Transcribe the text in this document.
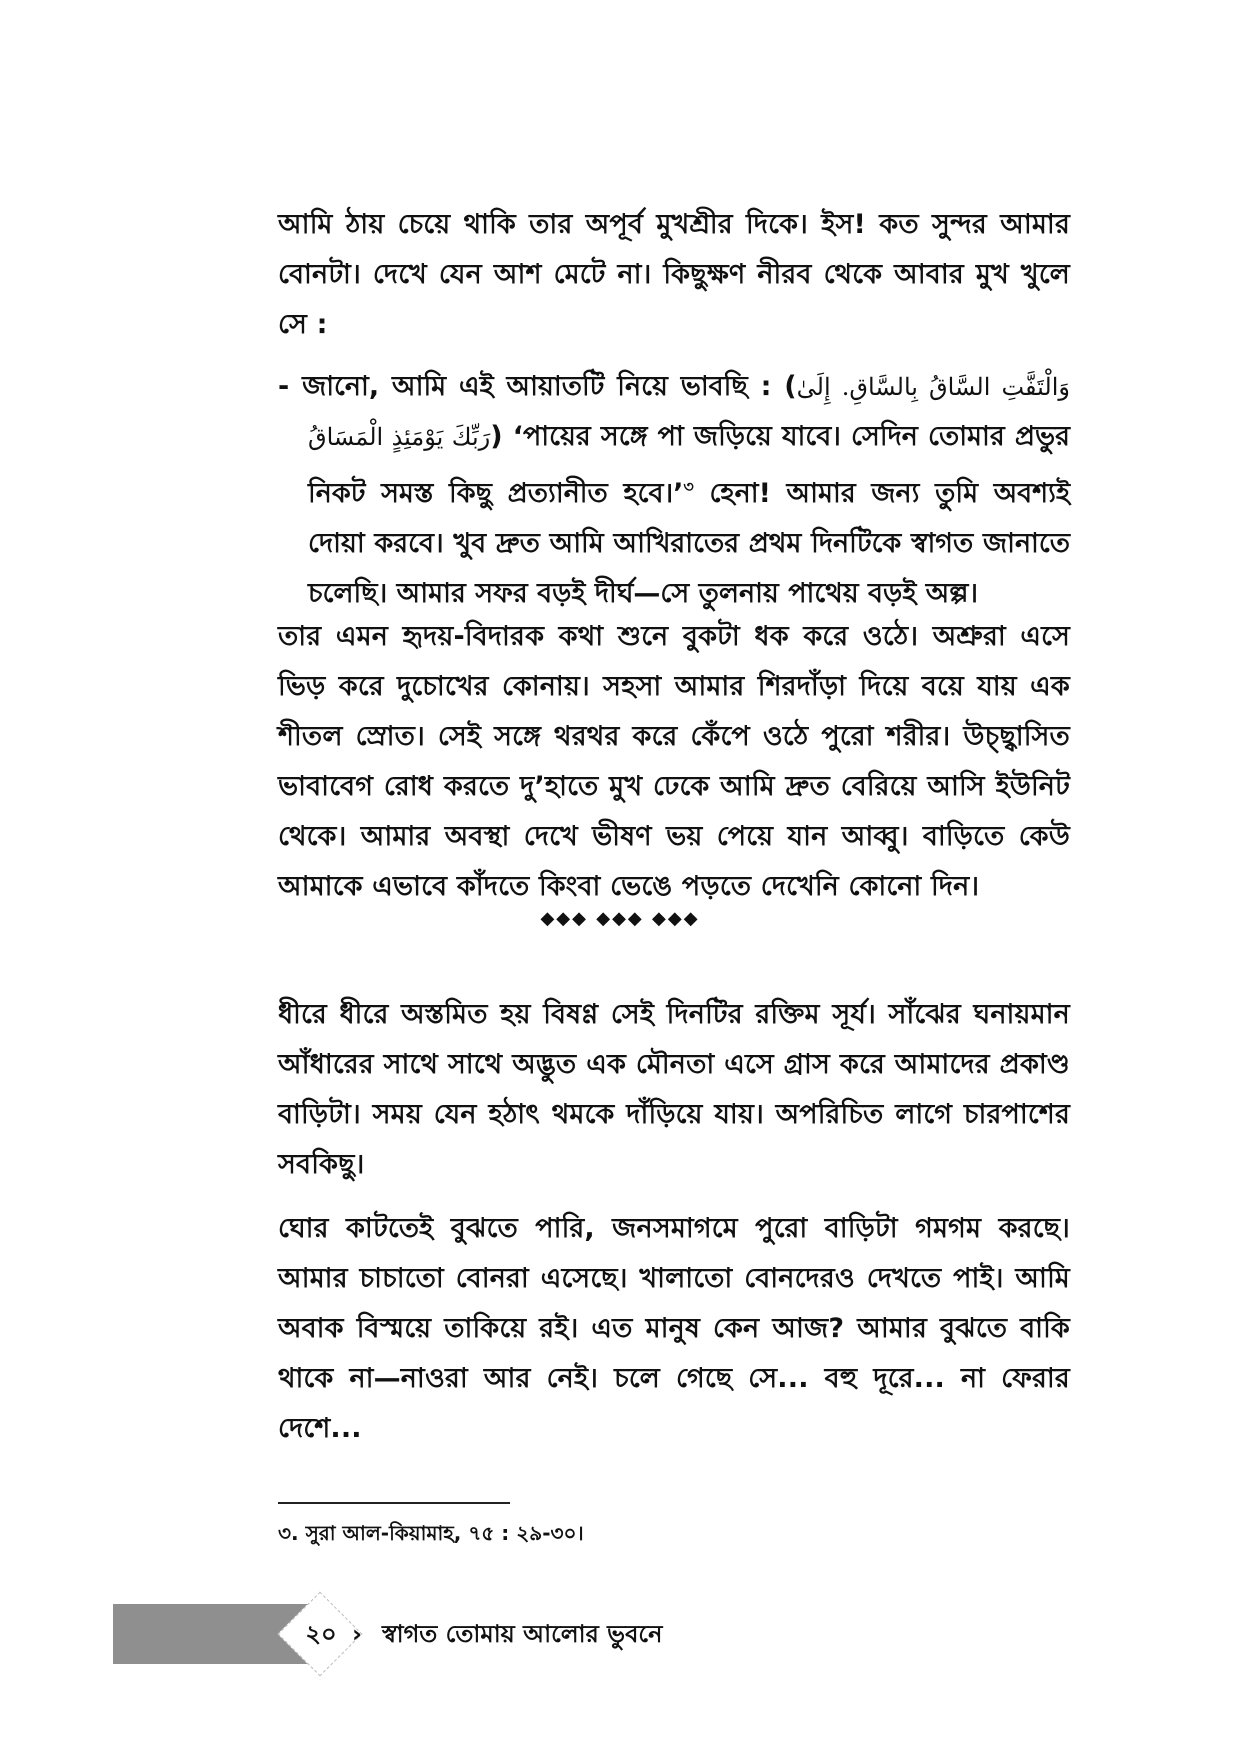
আমি ঠায় চেয়ে থাকি তার অপূর্ব মুখশ্রীর দিকে। ইস! কত সুন্দর আমার বোনটা। দেখে যেন আশ মেটে না। কিছুক্ষণ নীরব থেকে আবার মুখ খুলে সে :
- জানো, আমি এই আয়াতটি নিয়ে ভাবছি : (وَالْتَفَّتِ السَّاقُ بِالسَّاقِ. إِلَىٰ رَبِّكَ يَوْمَئِذٍ الْمَسَاقُ) ‘পায়ের সঙ্গে পা জড়িয়ে যাবে। সেদিন তোমার প্রভুর নিকট সমস্ত কিছু প্রত্যানীত হবে।’$^৩$ হেনা! আমার জন্য তুমি অবশ্যই দোয়া করবে। খুব দ্রুত আমি আখিরাতের প্রথম দিনটিকে স্বাগত জানাতে চলেছি। আমার সফর বড়ই দীর্ঘ—সে তুলনায় পাথেয় বড়ই অল্প।
তার এমন হৃদয়-বিদারক কথা শুনে বুকটা ধক করে ওঠে। অশ্রুরা এসে ভিড় করে দুচোখের কোনায়। সহসা আমার শিরদাঁড়া দিয়ে বয়ে যায় এক শীতল স্রোত। সেই সঙ্গে থরথর করে কেঁপে ওঠে পুরো শরীর। উচ্ছ্বাসিত ভাবাবেগ রোধ করতে দু’হাতে মুখ ঢেকে আমি দ্রুত বেরিয়ে আসি ইউনিট থেকে। আমার অবস্থা দেখে ভীষণ ভয় পেয়ে যান আব্বু। বাড়িতে কেউ আমাকে এভাবে কাঁদতে কিংবা ভেঙে পড়তে দেখেনি কোনো দিন।
◆◆◆ ◆◆◆ ◆◆◆
ধীরে ধীরে অস্তমিত হয় বিষণ্ণ সেই দিনটির রক্তিম সূর্য। সাঁঝের ঘনায়মান আঁধারের সাথে সাথে অদ্ভুত এক মৌনতা এসে গ্রাস করে আমাদের প্রকাণ্ড বাড়িটা। সময় যেন হঠাৎ থমকে দাঁড়িয়ে যায়। অপরিচিত লাগে চারপাশের সবকিছু।
ঘোর কাটতেই বুঝতে পারি, জনসমাগমে পুরো বাড়িটা গমগম করছে। আমার চাচাতো বোনরা এসেছে। খালাতো বোনদেরও দেখতে পাই। আমি অবাক বিস্ময়ে তাকিয়ে রই। এত মানুষ কেন আজ? আমার বুঝতে বাকি থাকে না—নাওরা আর নেই। চলে গেছে সে... বহু দূরে... না ফেরার দেশে...
৩. সুরা আল-কিয়ামাহ, ৭৫ : ২৯-৩০।
২০ › স্বাগত তোমায় আলোর ভুবনে
